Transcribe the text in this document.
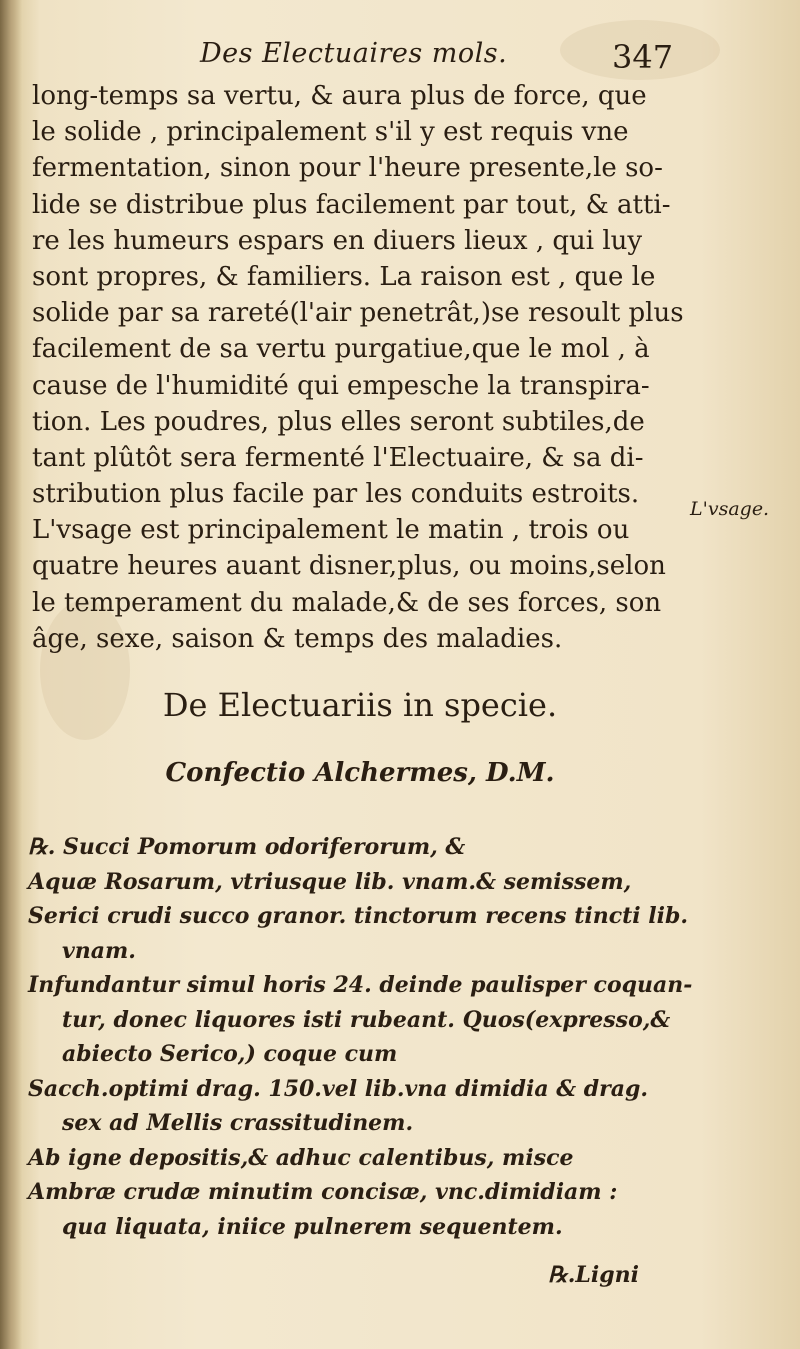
Des Electuaires mols.	347
long-temps sa vertu, & aura plus de force, que
le solide , principalement s'il y est requis vne
fermentation, sinon pour l'heure presente,le so-
lide se distribue plus facilement par tout, & atti-
re les humeurs espars en diuers lieux , qui luy
sont propres, & familiers. La raison est , que le
solide par sa rareté(l'air penetrât,)se resoult plus
facilement de sa vertu purgatiue,que le mol , à
cause de l'humidité qui empesche la transpira-
tion. Les poudres, plus elles seront subtiles,de
tant plûtôt sera fermenté l'Electuaire, & sa di-
stribution plus facile par les conduits estroits.
L'vsage est principalement le matin , trois ou
quatre heures auant disner,plus, ou moins,selon
le temperament du malade,& de ses forces, son
âge, sexe, saison & temps des maladies.
L'vsage.
De Electuariis in specie.
Confectio Alchermes, D.M.
℞. Succi Pomorum odoriferorum, &
Aquæ Rosarum, vtriusque lib. vnam.& semissem,
Serici crudi succo granor. tinctorum recens tincti lib.
vnam.
Infundantur simul horis 24. deinde paulisper coquan-
tur, donec liquores isti rubeant. Quos(expresso,&
abiecto Serico,) coque cum
Sacch.optimi drag. 150.vel lib.vna dimidia & drag.
sex ad Mellis crassitudinem.
Ab igne depositis,& adhuc calentibus, misce
Ambræ crudæ minutim concisæ, vnc.dimidiam :
qua liquata, iniice pulnerem sequentem.
℞.Ligni
